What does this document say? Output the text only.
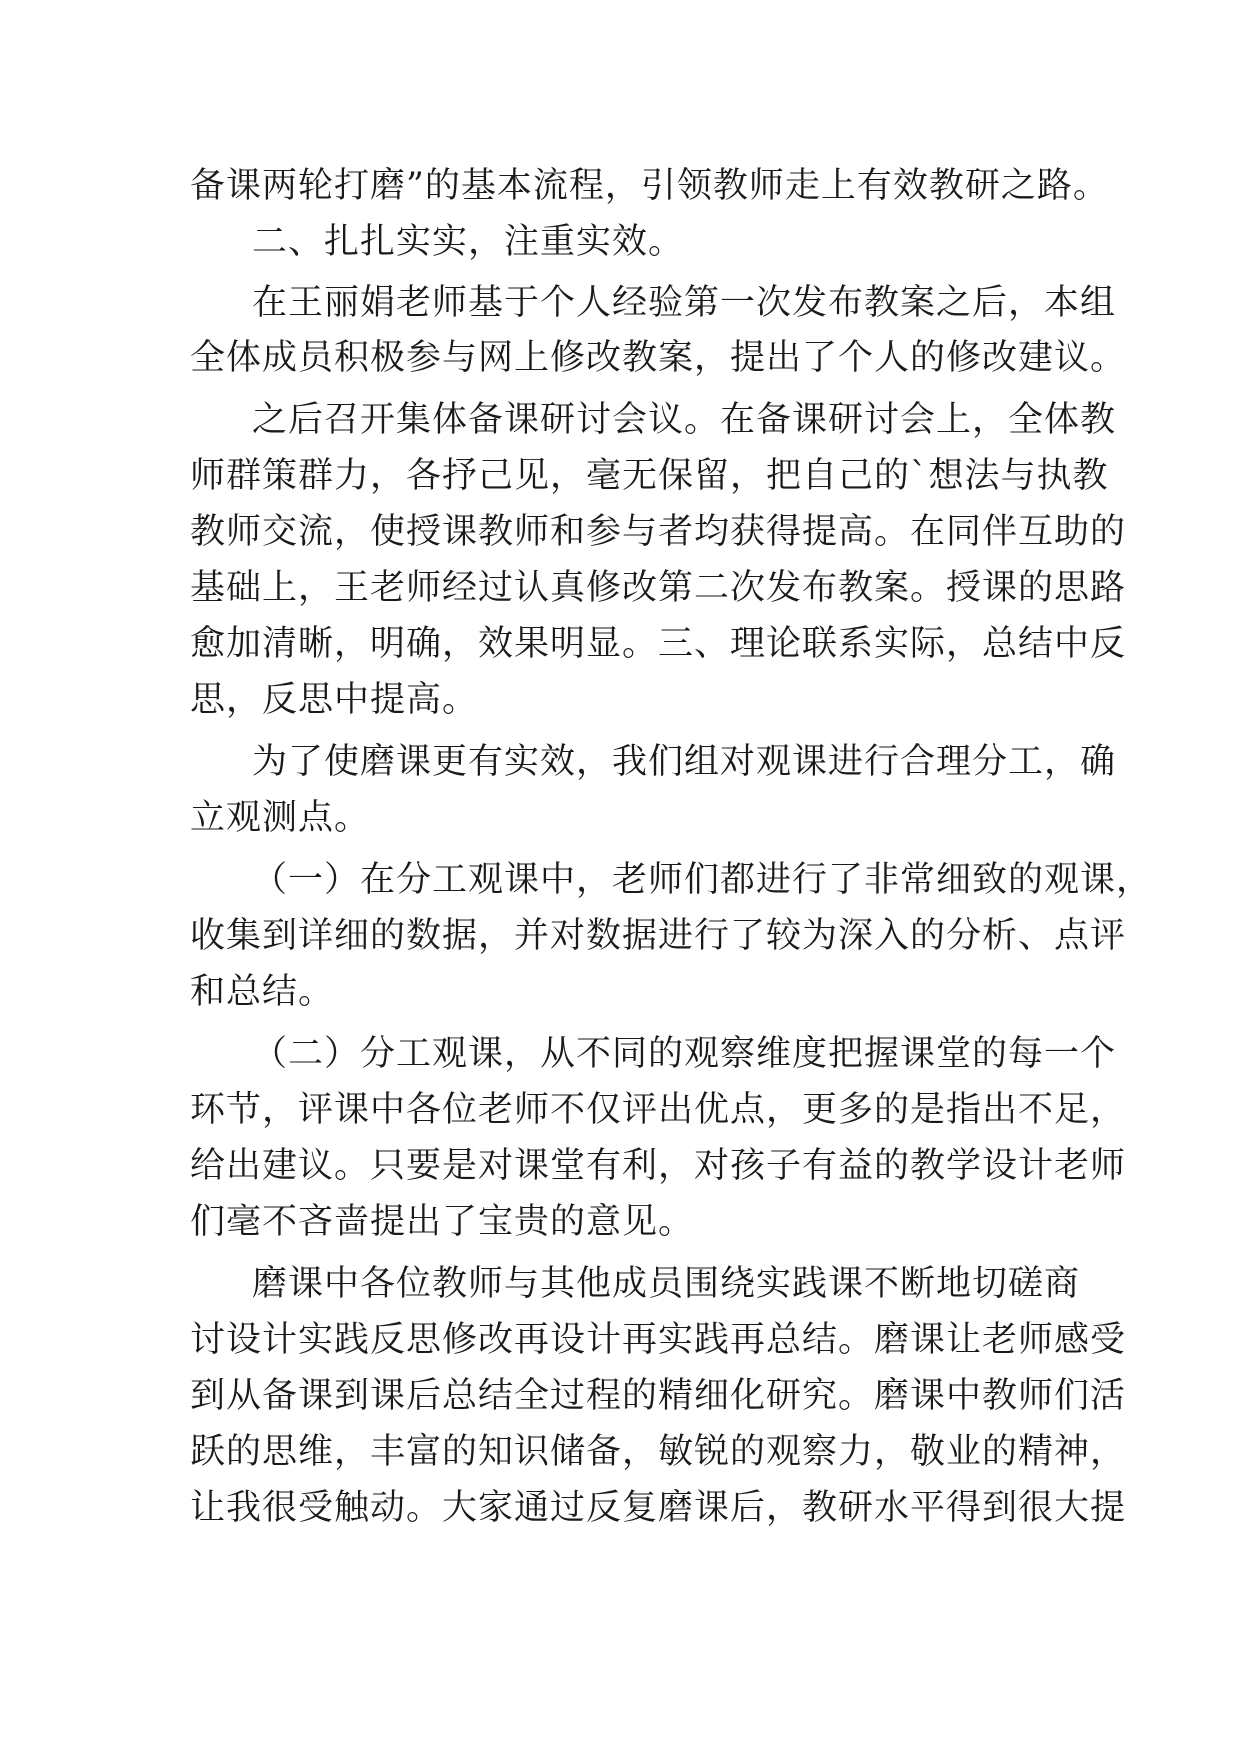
备课两轮打磨”的基本流程，引领教师走上有效教研之路。

二、扎扎实实，注重实效。

在王丽娟老师基于个人经验第一次发布教案之后，本组

全体成员积极参与网上修改教案，提出了个人的修改建议。

之后召开集体备课研讨会议。在备课研讨会上，全体教

师群策群力，各抒己见，毫无保留，把自己的`想法与执教

教师交流，使授课教师和参与者均获得提高。在同伴互助的

基础上，王老师经过认真修改第二次发布教案。授课的思路

愈加清晰，明确，效果明显。三、理论联系实际，总结中反

思，反思中提高。

为了使磨课更有实效，我们组对观课进行合理分工，确

立观测点。

（一）在分工观课中，老师们都进行了非常细致的观课，

收集到详细的数据，并对数据进行了较为深入的分析、点评

和总结。

（二）分工观课，从不同的观察维度把握课堂的每一个

环节，评课中各位老师不仅评出优点，更多的是指出不足，

给出建议。只要是对课堂有利，对孩子有益的教学设计老师

们毫不吝啬提出了宝贵的意见。

磨课中各位教师与其他成员围绕实践课不断地切磋商

讨设计实践反思修改再设计再实践再总结。磨课让老师感受

到从备课到课后总结全过程的精细化研究。磨课中教师们活

跃的思维，丰富的知识储备，敏锐的观察力，敬业的精神，

让我很受触动。大家通过反复磨课后，教研水平得到很大提
